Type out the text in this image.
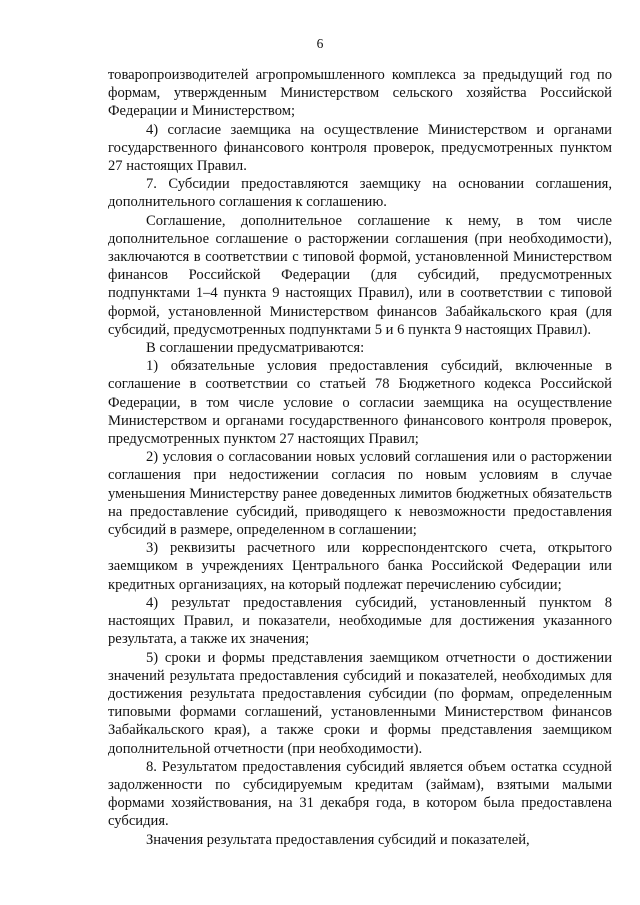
6

товаропроизводителей агропромышленного комплекса за предыдущий год по формам, утвержденным Министерством сельского хозяйства Российской Федерации и Министерством;

4) согласие заемщика на осуществление Министерством и органами государственного финансового контроля проверок, предусмотренных пунктом 27 настоящих Правил.

7. Субсидии предоставляются заемщику на основании соглашения, дополнительного соглашения к соглашению.

Соглашение, дополнительное соглашение к нему, в том числе дополнительное соглашение о расторжении соглашения (при необходимости), заключаются в соответствии с типовой формой, установленной Министерством финансов Российской Федерации (для субсидий, предусмотренных подпунктами 1–4 пункта 9 настоящих Правил), или в соответствии с типовой формой, установленной Министерством финансов Забайкальского края (для субсидий, предусмотренных подпунктами 5 и 6 пункта 9 настоящих Правил).

В соглашении предусматриваются:

1) обязательные условия предоставления субсидий, включенные в соглашение в соответствии со статьей 78 Бюджетного кодекса Российской Федерации, в том числе условие о согласии заемщика на осуществление Министерством и органами государственного финансового контроля проверок, предусмотренных пунктом 27 настоящих Правил;

2) условия о согласовании новых условий соглашения или о расторжении соглашения при недостижении согласия по новым условиям в случае уменьшения Министерству ранее доведенных лимитов бюджетных обязательств на предоставление субсидий, приводящего к невозможности предоставления субсидий в размере, определенном в соглашении;

3) реквизиты расчетного или корреспондентского счета, открытого заемщиком в учреждениях Центрального банка Российской Федерации или кредитных организациях, на который подлежат перечислению субсидии;

4) результат предоставления субсидий, установленный пунктом 8 настоящих Правил, и показатели, необходимые для достижения указанного результата, а также их значения;

5) сроки и формы представления заемщиком отчетности о достижении значений результата предоставления субсидий и показателей, необходимых для достижения результата предоставления субсидии (по формам, определенным типовыми формами соглашений, установленными Министерством финансов Забайкальского края), а также сроки и формы представления заемщиком дополнительной отчетности (при необходимости).

8. Результатом предоставления субсидий является объем остатка ссудной задолженности по субсидируемым кредитам (займам), взятыми малыми формами хозяйствования, на 31 декабря года, в котором была предоставлена субсидия.

Значения результата предоставления субсидий и показателей,
